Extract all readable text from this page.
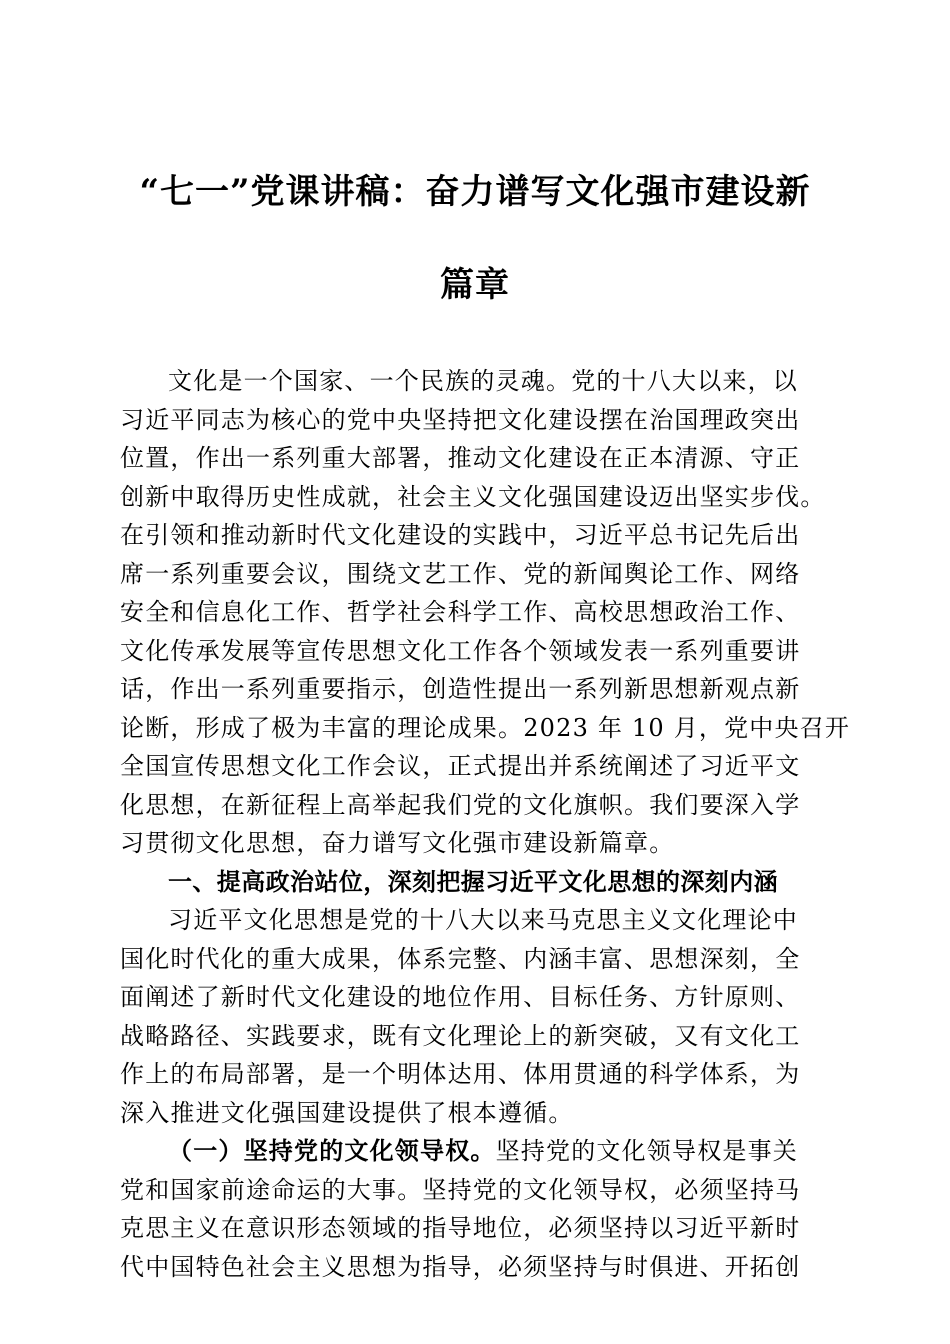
“七一”党课讲稿：奋力谱写文化强市建设新
篇章
文化是一个国家、一个民族的灵魂。党的十八大以来，以
习近平同志为核心的党中央坚持把文化建设摆在治国理政突出
位置，作出一系列重大部署，推动文化建设在正本清源、守正
创新中取得历史性成就，社会主义文化强国建设迈出坚实步伐。
在引领和推动新时代文化建设的实践中，习近平总书记先后出
席一系列重要会议，围绕文艺工作、党的新闻舆论工作、网络
安全和信息化工作、哲学社会科学工作、高校思想政治工作、
文化传承发展等宣传思想文化工作各个领域发表一系列重要讲
话，作出一系列重要指示，创造性提出一系列新思想新观点新
论断，形成了极为丰富的理论成果。2023 年 10 月，党中央召开
全国宣传思想文化工作会议，正式提出并系统阐述了习近平文
化思想，在新征程上高举起我们党的文化旗帜。我们要深入学
习贯彻文化思想，奋力谱写文化强市建设新篇章。
一、提高政治站位，深刻把握习近平文化思想的深刻内涵
习近平文化思想是党的十八大以来马克思主义文化理论中
国化时代化的重大成果，体系完整、内涵丰富、思想深刻，全
面阐述了新时代文化建设的地位作用、目标任务、方针原则、
战略路径、实践要求，既有文化理论上的新突破，又有文化工
作上的布局部署，是一个明体达用、体用贯通的科学体系，为
深入推进文化强国建设提供了根本遵循。
（一）坚持党的文化领导权。坚持党的文化领导权是事关
党和国家前途命运的大事。坚持党的文化领导权，必须坚持马
克思主义在意识形态领域的指导地位，必须坚持以习近平新时
代中国特色社会主义思想为指导，必须坚持与时俱进、开拓创
